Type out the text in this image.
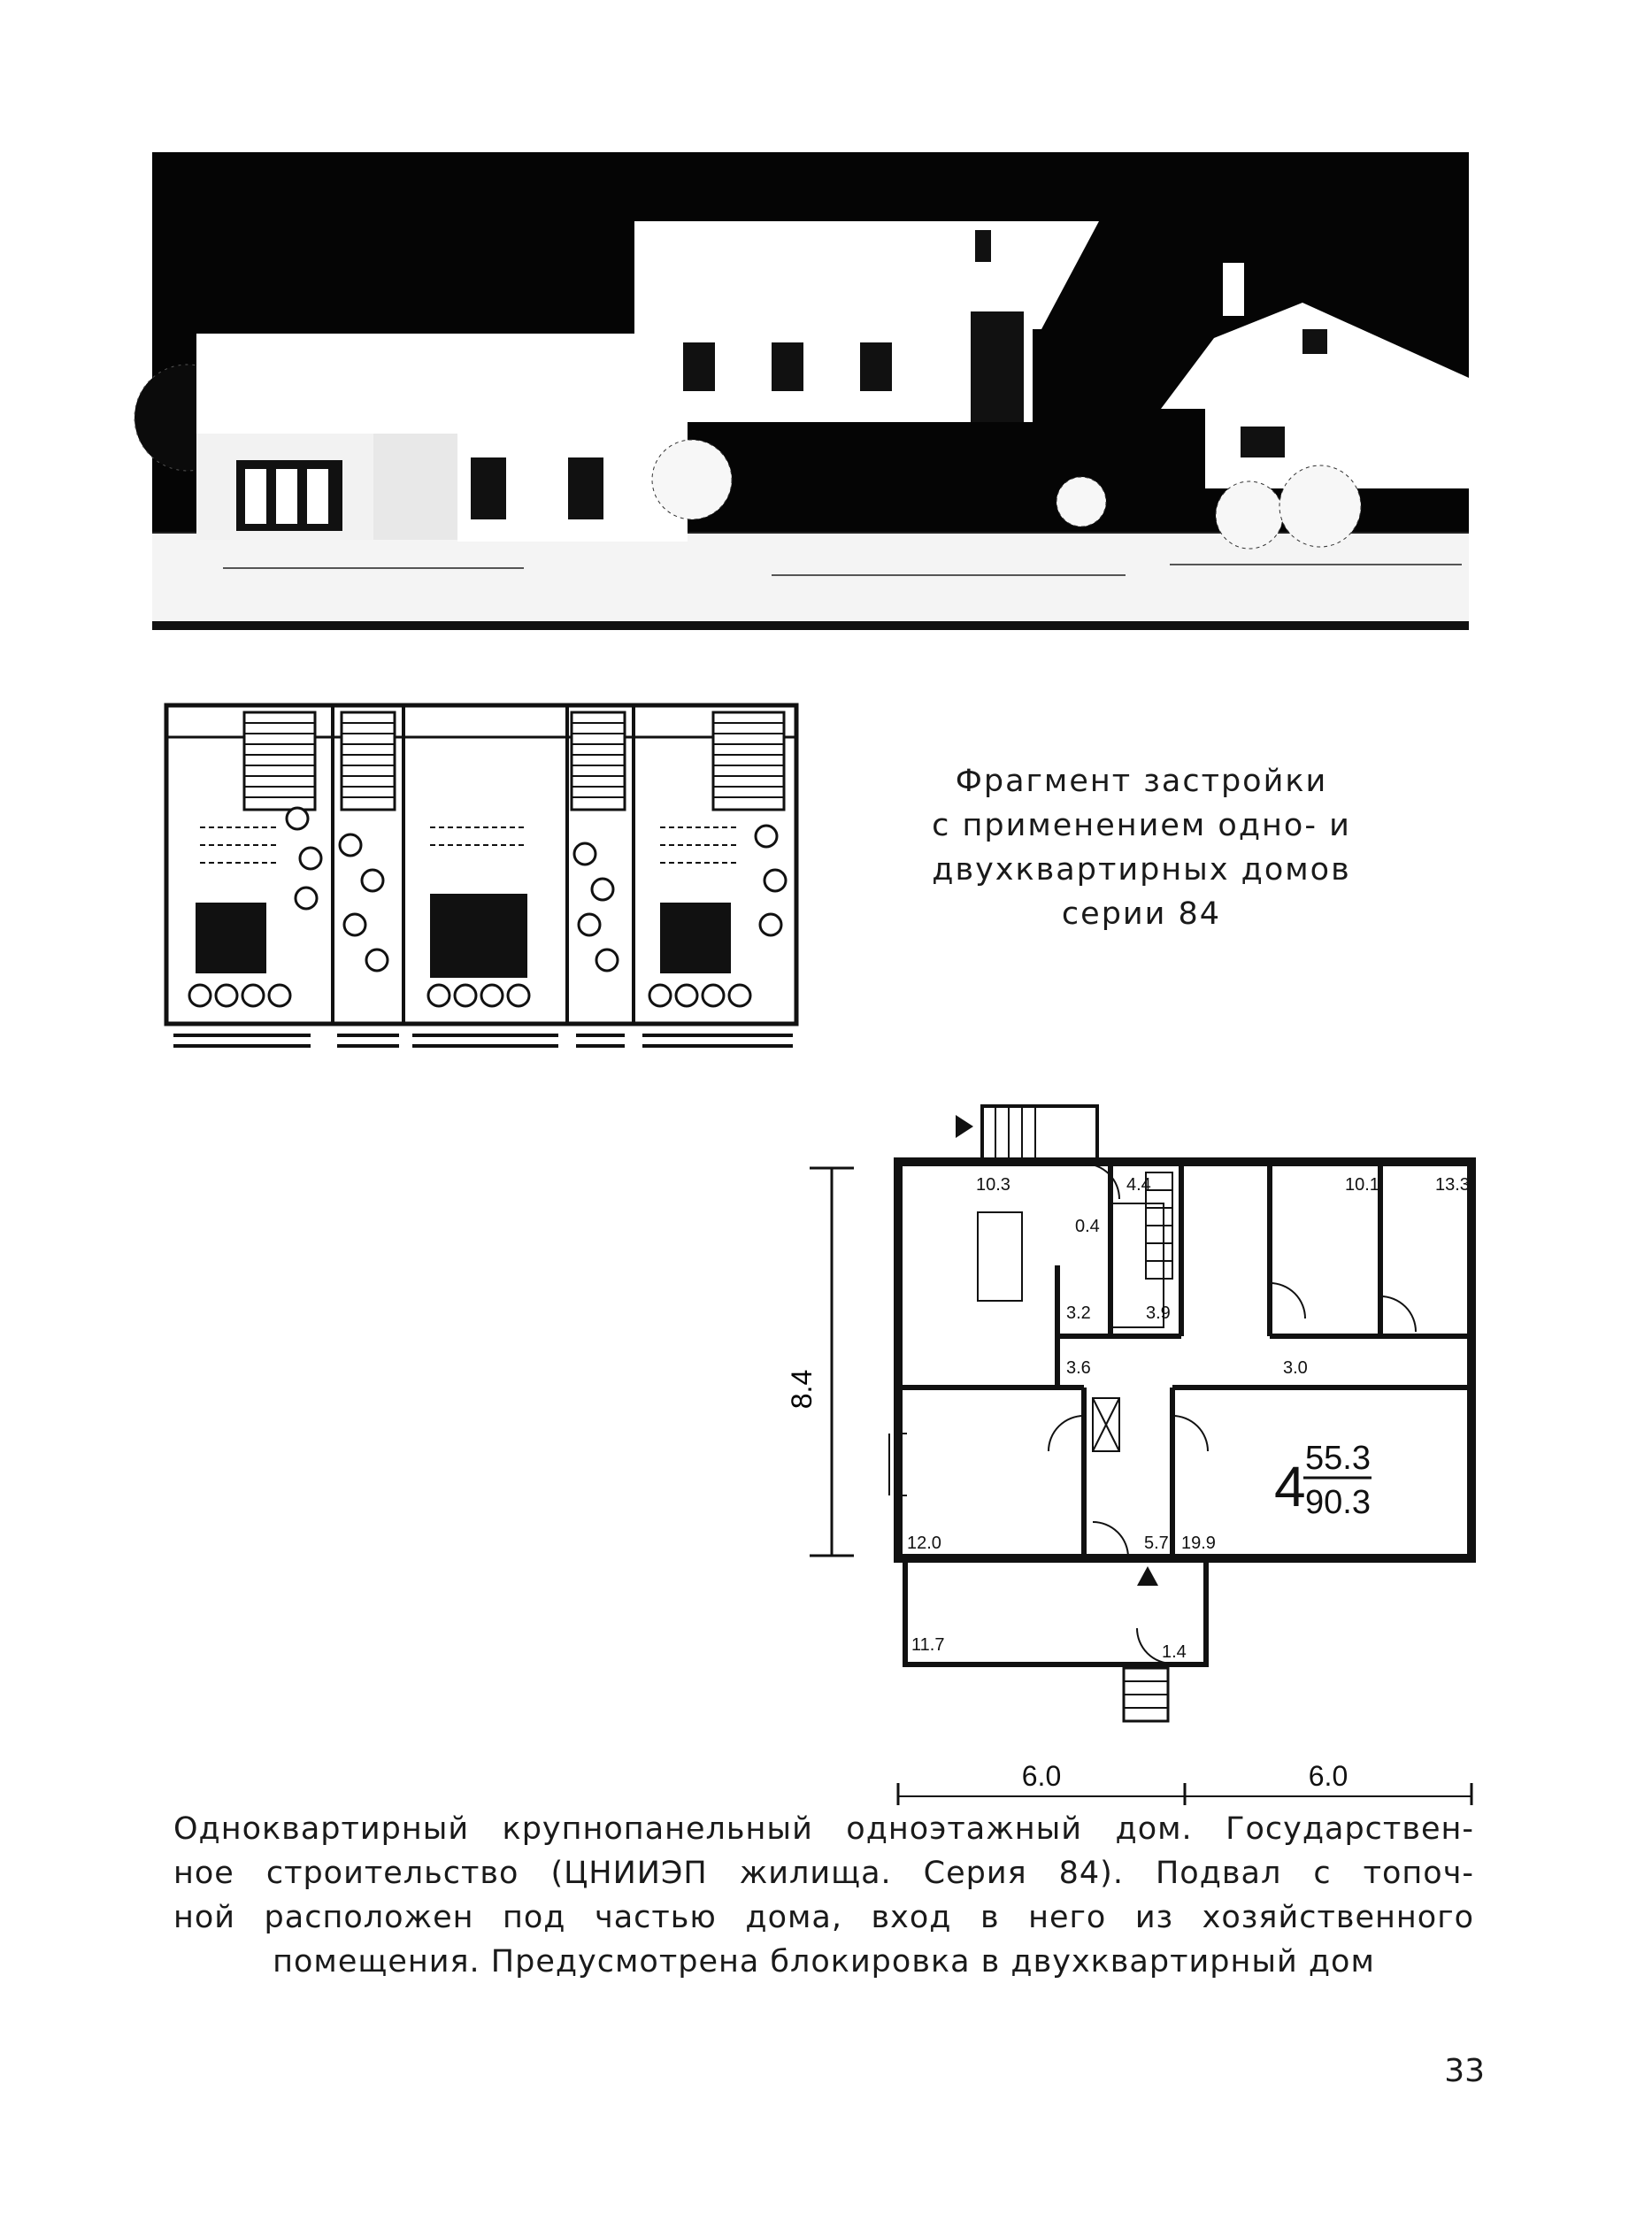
Фрагмент застройки
с применением одно- и
двухквартирных домов
серии 84
8.4
10.3	4.4	10.1	13.3
0.4
3.2	3.9
3.6	3.0
12.0	5.7 19.9
11.7	1.4
4 55.3
90.3
6.0	6.0

Одноквартирный крупнопанельный одноэтажный дом. Государствен-

ное строительство (ЦНИИЭП жилища. Серия 84). Подвал с топоч-

ной расположен под частью дома, вход в него из хозяйственного

помещения. Предусмотрена блокировка в двухквартирный дом

33
